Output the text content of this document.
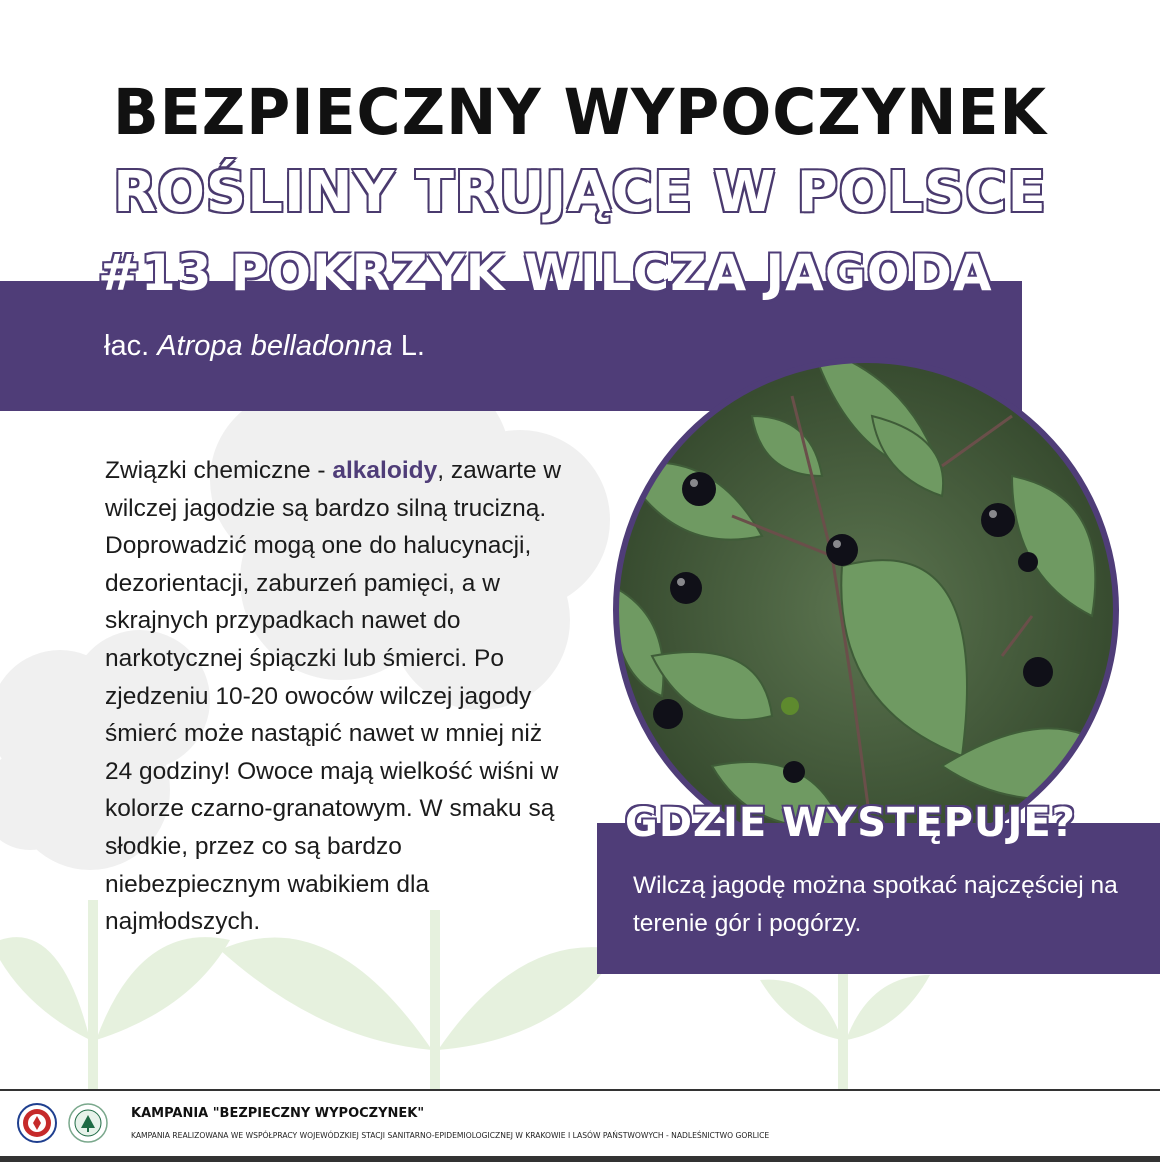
BEZPIECZNY WYPOCZYNEK
ROŚLINY TRUJĄCE W POLSCE
#13 POKRZYK WILCZA JAGODA
łac. Atropa belladonna L.
Związki chemiczne - alkaloidy, zawarte w wilczej jagodzie są bardzo silną trucizną. Doprowadzić mogą one do halucynacji, dezorientacji, zaburzeń pamięci, a w skrajnych przypadkach nawet do narkotycznej śpiączki lub śmierci. Po zjedzeniu 10-20 owoców wilczej jagody śmierć może nastąpić nawet w mniej niż 24 godziny! Owoce mają wielkość wiśni w kolorze czarno-granatowym. W smaku są słodkie, przez co są bardzo niebezpiecznym wabikiem dla najmłodszych.
GDZIE WYSTĘPUJE?
Wilczą jagodę można spotkać najczęściej na terenie gór i pogórzy.
KAMPANIA "BEZPIECZNY WYPOCZYNEK"
KAMPANIA REALIZOWANA WE WSPÓŁPRACY WOJEWÓDZKIEJ STACJI SANITARNO-EPIDEMIOLOGICZNEJ W KRAKOWIE I LASÓW PAŃSTWOWYCH - NADLEŚNICTWO GORLICE
